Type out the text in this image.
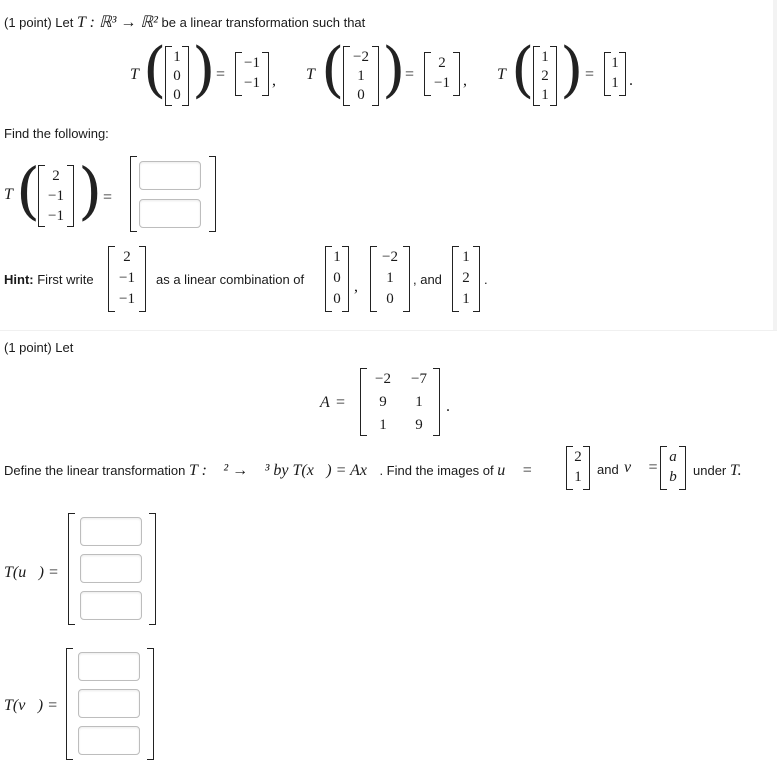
(1 point) Let T : ℝ³ → ℝ² be a linear transformation such that
T ( 1
0
0 ) =
−1
−1 , T ( −2
1
0 ) =
2
−1 , T ( 1
2
1 ) =
1
1 .
Find the following:
T ( 2
−1
−1 ) =
Hint: First write
2
−1
−1
as a linear combination of
1
0
0
,
−2
1
0
, and
1
2
1
.
(1 point) Let
A =
−2	−7
9	1
1	9
.
Define the linear transformation T : ℝ² → ℝ³ by T(x⃗) = Ax⃗. Find the images of u⃗ =
2
1	and v⃗ =
a
b	under T.
T(u⃗) =
T(v⃗) =
